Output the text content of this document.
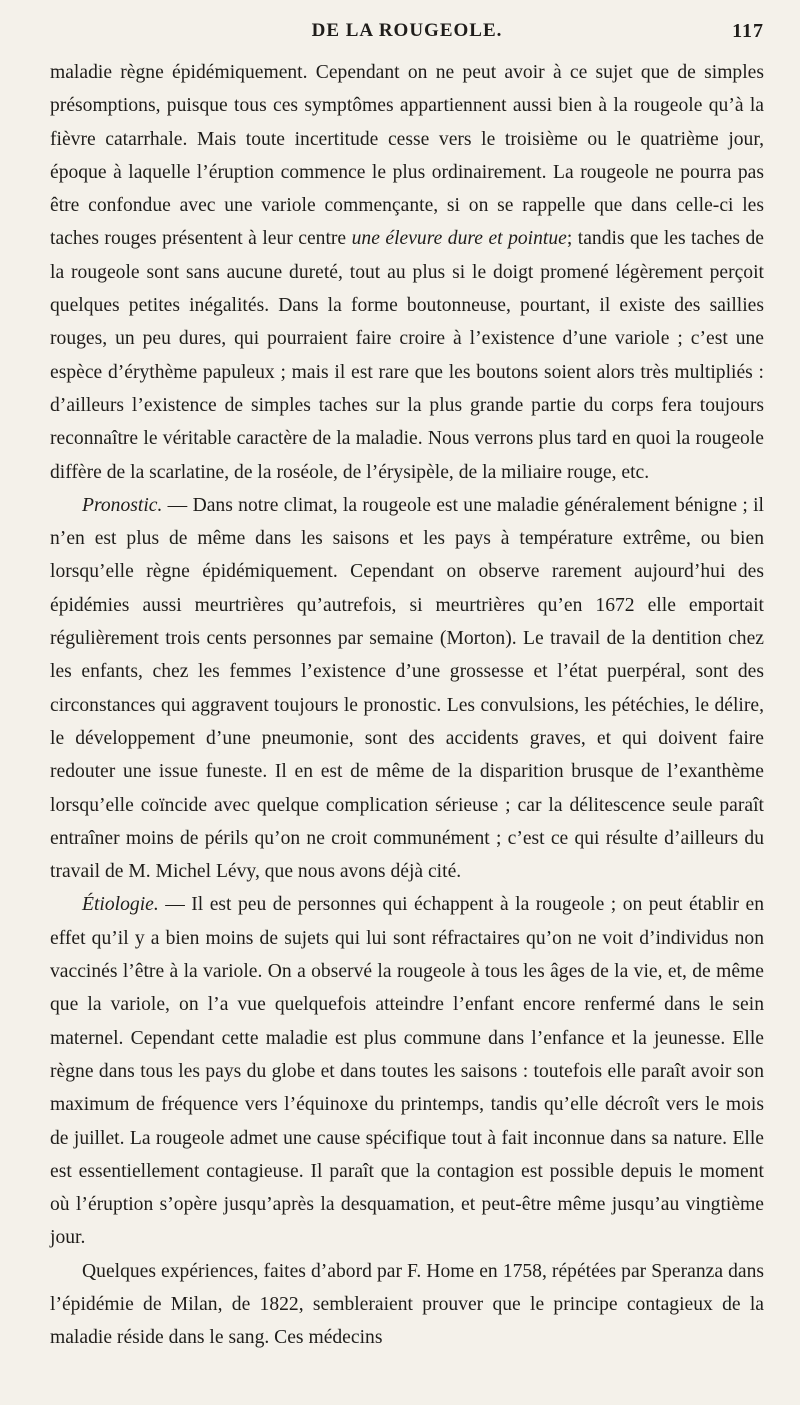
DE LA ROUGEOLE.	117

maladie règne épidémiquement. Cependant on ne peut avoir à ce sujet que de simples présomptions, puisque tous ces symptômes appartiennent aussi bien à la rougeole qu’à la fièvre catarrhale. Mais toute incertitude cesse vers le troisième ou le quatrième jour, époque à laquelle l’éruption commence le plus ordinairement. La rougeole ne pourra pas être confondue avec une variole commençante, si on se rappelle que dans celle-ci les taches rouges présentent à leur centre une élevure dure et pointue; tandis que les taches de la rougeole sont sans aucune dureté, tout au plus si le doigt promené légèrement perçoit quelques petites inégalités. Dans la forme boutonneuse, pourtant, il existe des saillies rouges, un peu dures, qui pourraient faire croire à l’existence d’une variole ; c’est une espèce d’érythème papuleux ; mais il est rare que les boutons soient alors très multipliés : d’ailleurs l’existence de simples taches sur la plus grande partie du corps fera toujours reconnaître le véritable caractère de la maladie. Nous verrons plus tard en quoi la rougeole diffère de la scarlatine, de la roséole, de l’érysipèle, de la miliaire rouge, etc.

Pronostic. — Dans notre climat, la rougeole est une maladie généralement bénigne ; il n’en est plus de même dans les saisons et les pays à température extrême, ou bien lorsqu’elle règne épidémiquement. Cependant on observe rarement aujourd’hui des épidémies aussi meurtrières qu’autrefois, si meurtrières qu’en 1672 elle emportait régulièrement trois cents personnes par semaine (Morton). Le travail de la dentition chez les enfants, chez les femmes l’existence d’une grossesse et l’état puerpéral, sont des circonstances qui aggravent toujours le pronostic. Les convulsions, les pétéchies, le délire, le développement d’une pneumonie, sont des accidents graves, et qui doivent faire redouter une issue funeste. Il en est de même de la disparition brusque de l’exanthème lorsqu’elle coïncide avec quelque complication sérieuse ; car la délitescence seule paraît entraîner moins de périls qu’on ne croit communément ; c’est ce qui résulte d’ailleurs du travail de M. Michel Lévy, que nous avons déjà cité.

Étiologie. — Il est peu de personnes qui échappent à la rougeole ; on peut établir en effet qu’il y a bien moins de sujets qui lui sont réfractaires qu’on ne voit d’individus non vaccinés l’être à la variole. On a observé la rougeole à tous les âges de la vie, et, de même que la variole, on l’a vue quelquefois atteindre l’enfant encore renfermé dans le sein maternel. Cependant cette maladie est plus commune dans l’enfance et la jeunesse. Elle règne dans tous les pays du globe et dans toutes les saisons : toutefois elle paraît avoir son maximum de fréquence vers l’équinoxe du printemps, tandis qu’elle décroît vers le mois de juillet. La rougeole admet une cause spécifique tout à fait inconnue dans sa nature. Elle est essentiellement contagieuse. Il paraît que la contagion est possible depuis le moment où l’éruption s’opère jusqu’après la desquamation, et peut-être même jusqu’au vingtième jour.

Quelques expériences, faites d’abord par F. Home en 1758, répétées par Speranza dans l’épidémie de Milan, de 1822, sembleraient prouver que le principe contagieux de la maladie réside dans le sang. Ces médecins
